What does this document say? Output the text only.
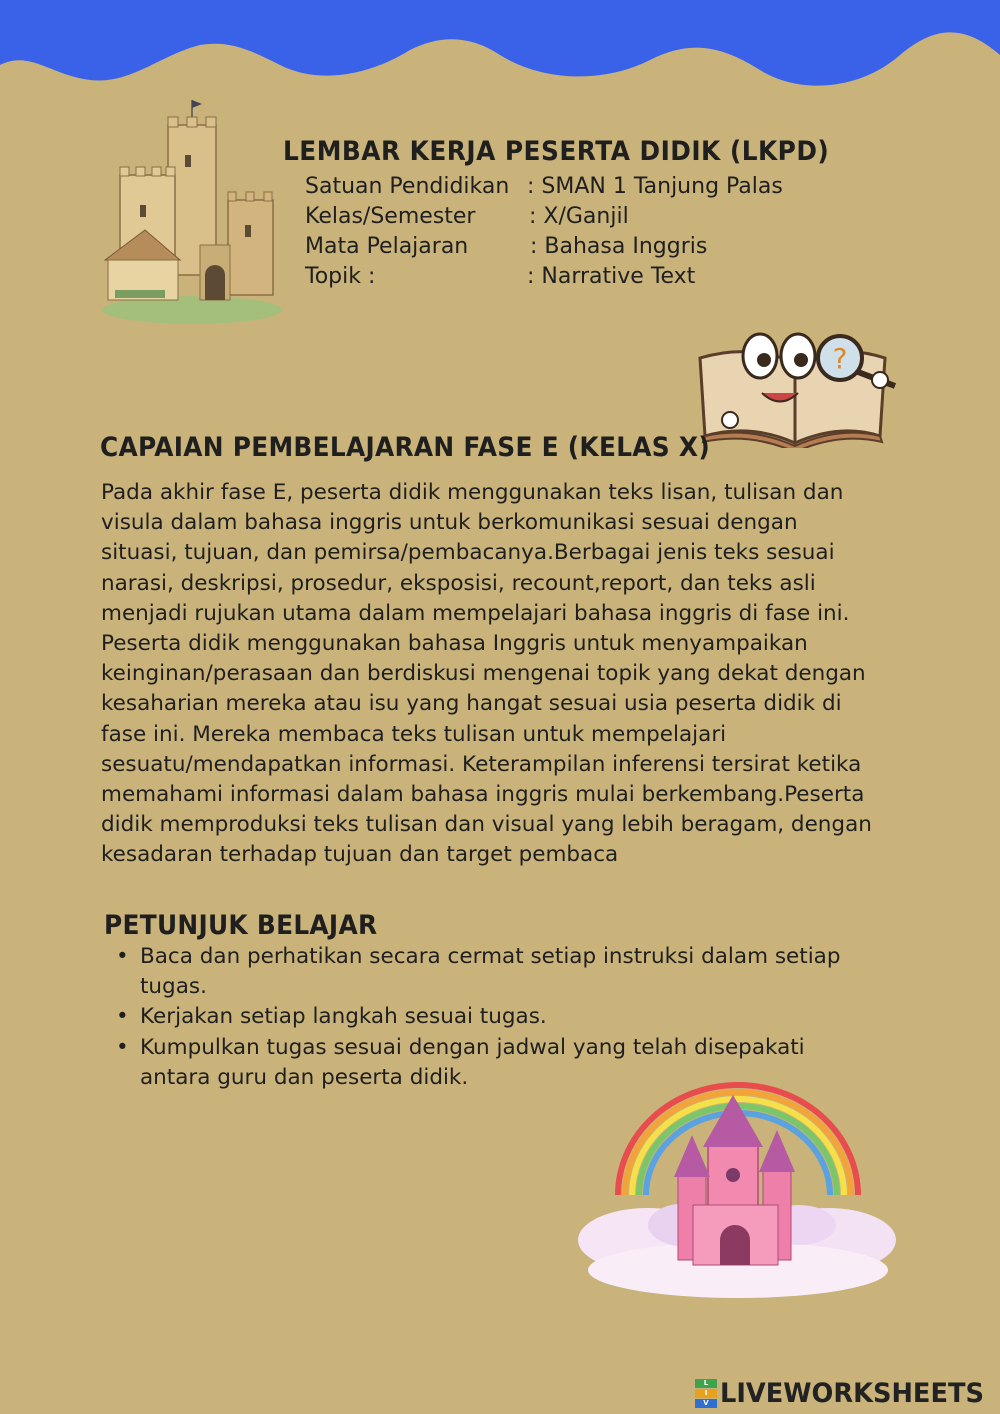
?
LEMBAR KERJA PESERTA DIDIK (LKPD)
Satuan Pendidikan : SMAN 1 Tanjung Palas
Kelas/Semester : X/Ganjil
Mata Pelajaran	: Bahasa Inggris
Topik :	: Narrative Text
CAPAIAN PEMBELAJARAN FASE E (KELAS X)
Pada akhir fase E, peserta didik menggunakan teks lisan, tulisan dan
visula dalam bahasa inggris untuk berkomunikasi sesuai dengan
situasi, tujuan, dan pemirsa/pembacanya.Berbagai jenis teks sesuai
narasi, deskripsi, prosedur, eksposisi, recount,report, dan teks asli
menjadi rujukan utama dalam mempelajari bahasa inggris di fase ini.
Peserta didik menggunakan bahasa Inggris untuk menyampaikan
keinginan/perasaan dan berdiskusi mengenai topik yang dekat dengan
kesaharian mereka atau isu yang hangat sesuai usia peserta didik di
fase ini. Mereka membaca teks tulisan untuk mempelajari
sesuatu/mendapatkan informasi. Keterampilan inferensi tersirat ketika
memahami informasi dalam bahasa inggris mulai berkembang.Peserta
didik memproduksi teks tulisan dan visual yang lebih beragam, dengan
kesadaran terhadap tujuan dan target pembaca
PETUNJUK BELAJAR
• Baca dan perhatikan secara cermat setiap instruksi dalam setiap
tugas.
• Kerjakan setiap langkah sesuai tugas.
• Kumpulkan tugas sesuai dengan jadwal yang telah disepakati
antara guru dan peserta didik.
L
I
V LIVEWORKSHEETS
